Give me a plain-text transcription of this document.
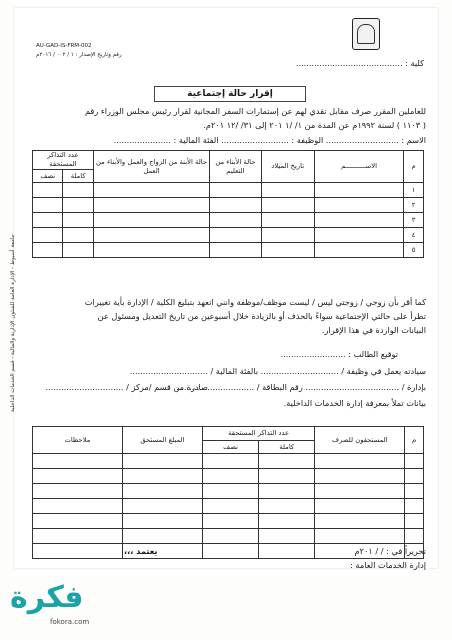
AU-GAD-IS-FRM-002
رقم وتاريخ الإصدار : ١ / ٠٠٢ / ٢٠١٦م
كلية : .........................................
إقرار حالة إجتماعية
للعاملين المقرر صرف مقابل نقدي لهم عن إستمارات السفر المجانية لقرار رئيس مجلس الوزراء رقم
( ١١٠٣ ) لسنة ١٩٩٢م عن المدة من ١/ /١ ٢٠١ إلى ٣١/ /١٢ ٢٠١م.
الاسم : ............................ الوظيفة : .......................... الفئة المالية : ......................
م	الاســــــــــم	تاريخ الميلاد	حالة الأبناء من التعليم	حالة الأبنة من الزواج والعمل والأبناء من العمل	عدد التذاكر المستحقة	
					كاملة	نصف
١						
٢						
٣						
٤						
٥						
كما أقر بأن زوجي / زوجتي ليس / ليست موظف/موظفة وانني اتعهد بتبليغ الكلية / الإدارة بأية تغييرات
تطرأ على حالتي الإجتماعية سواءً بالحذف أو بالزيادة خلال أسبوعين من تاريخ التعديل ومسئول عن
البيانات الواردة في هذا الإقرار.
توقيع الطالب : .........................
سيادته يعمل في وظيفة / .............................. بالفئة المالية / ..............................
بإدارة / .................................... رقم البطاقة / ..............................
صادرة من قسم /مركز / ..............................
بيانات تملأ بمعرفة إدارة الخدمات الداخلية.
م	المستحقون للصرف	عدد التذاكر المستحقة		المبلغ المستحق	ملاحظات
		كاملة	نصف		

تحريراً في : / / ٢٠١م
يعتمد ،،،
إدارة الخدمات العامة :
جامعة أسيوط - الإدارة العامة للشئون الإدارية والمالية - قسم الخدمات الداخلية
فكرة
fokora.com
